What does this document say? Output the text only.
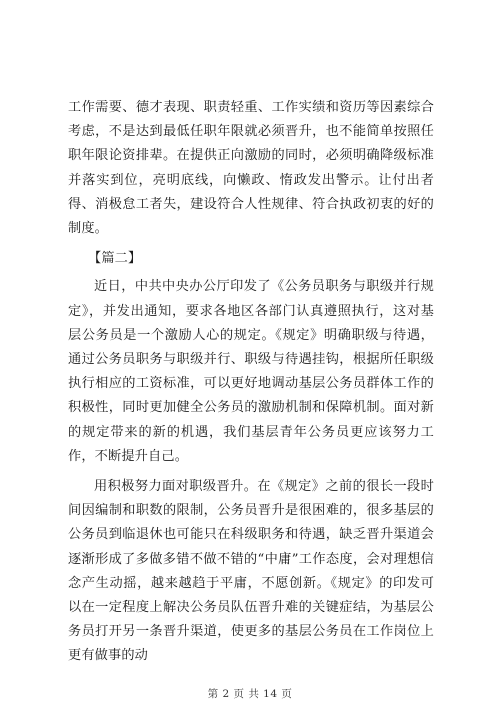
工作需要、德才表现、职责轻重、工作实绩和资历等因素综合考虑，不是达到最低任职年限就必须晋升，也不能简单按照任职年限论资排辈。在提供正向激励的同时，必须明确降级标准并落实到位，亮明底线，向懒政、惰政发出警示。让付出者得、消极怠工者失，建设符合人性规律、符合执政初衷的好的制度。

【篇二】

近日，中共中央办公厅印发了《公务员职务与职级并行规定》，并发出通知，要求各地区各部门认真遵照执行，这对基层公务员是一个激励人心的规定。《规定》明确职级与待遇，通过公务员职务与职级并行、职级与待遇挂钩，根据所任职级执行相应的工资标准，可以更好地调动基层公务员群体工作的积极性，同时更加健全公务员的激励机制和保障机制。面对新的规定带来的新的机遇，我们基层青年公务员更应该努力工作，不断提升自己。

用积极努力面对职级晋升。在《规定》之前的很长一段时间因编制和职数的限制，公务员晋升是很困难的，很多基层的公务员到临退休也可能只在科级职务和待遇，缺乏晋升渠道会逐渐形成了多做多错不做不错的“中庸”工作态度，会对理想信念产生动摇，越来越趋于平庸，不愿创新。《规定》的印发可以在一定程度上解决公务员队伍晋升难的关键症结，为基层公务员打开另一条晋升渠道，使更多的基层公务员在工作岗位上更有做事的动

第 2 页 共 14 页
